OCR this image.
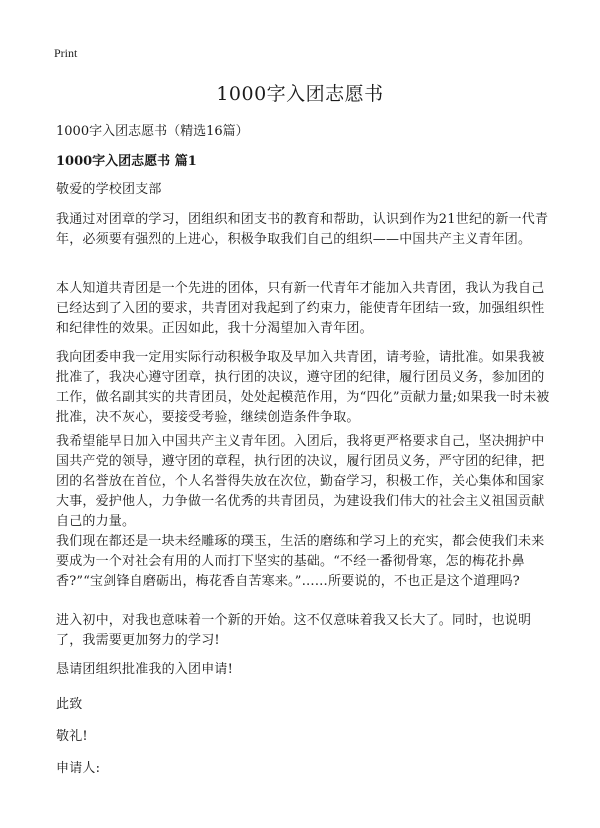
Print
1000字入团志愿书

1000字入团志愿书（精选16篇）

1000字入团志愿书 篇1

敬爱的学校团支部

我通过对团章的学习，团组织和团支书的教育和帮助，认识到作为21世纪的新一代青年，必须要有强烈的上进心，积极争取我们自己的组织——中国共产主义青年团。

本人知道共青团是一个先进的团体，只有新一代青年才能加入共青团，我认为我自己已经达到了入团的要求，共青团对我起到了约束力，能使青年团结一致，加强组织性和纪律性的效果。正因如此，我十分渴望加入青年团。

我向团委申我一定用实际行动积极争取及早加入共青团，请考验，请批准。如果我被批准了，我决心遵守团章，执行团的决议，遵守团的纪律，履行团员义务，参加团的工作，做名副其实的共青团员，处处起模范作用，为“四化”贡献力量;如果我一时未被批准，决不灰心，要接受考验，继续创造条件争取。

我希望能早日加入中国共产主义青年团。入团后，我将更严格要求自己，坚决拥护中国共产党的领导，遵守团的章程，执行团的决议，履行团员义务，严守团的纪律，把团的名誉放在首位，个人名誉得失放在次位，勤奋学习，积极工作，关心集体和国家大事，爱护他人，力争做一名优秀的共青团员，为建设我们伟大的社会主义祖国贡献自己的力量。

我们现在都还是一块未经雕琢的璞玉，生活的磨练和学习上的充实，都会使我们未来要成为一个对社会有用的人而打下坚实的基础。“不经一番彻骨寒，怎的梅花扑鼻香?”“宝剑锋自磨砺出，梅花香自苦寒来。”……所要说的，不也正是这个道理吗?

进入初中，对我也意味着一个新的开始。这不仅意味着我又长大了。同时，也说明了，我需要更加努力的学习!

恳请团组织批准我的入团申请!

此致

敬礼!

申请人:
